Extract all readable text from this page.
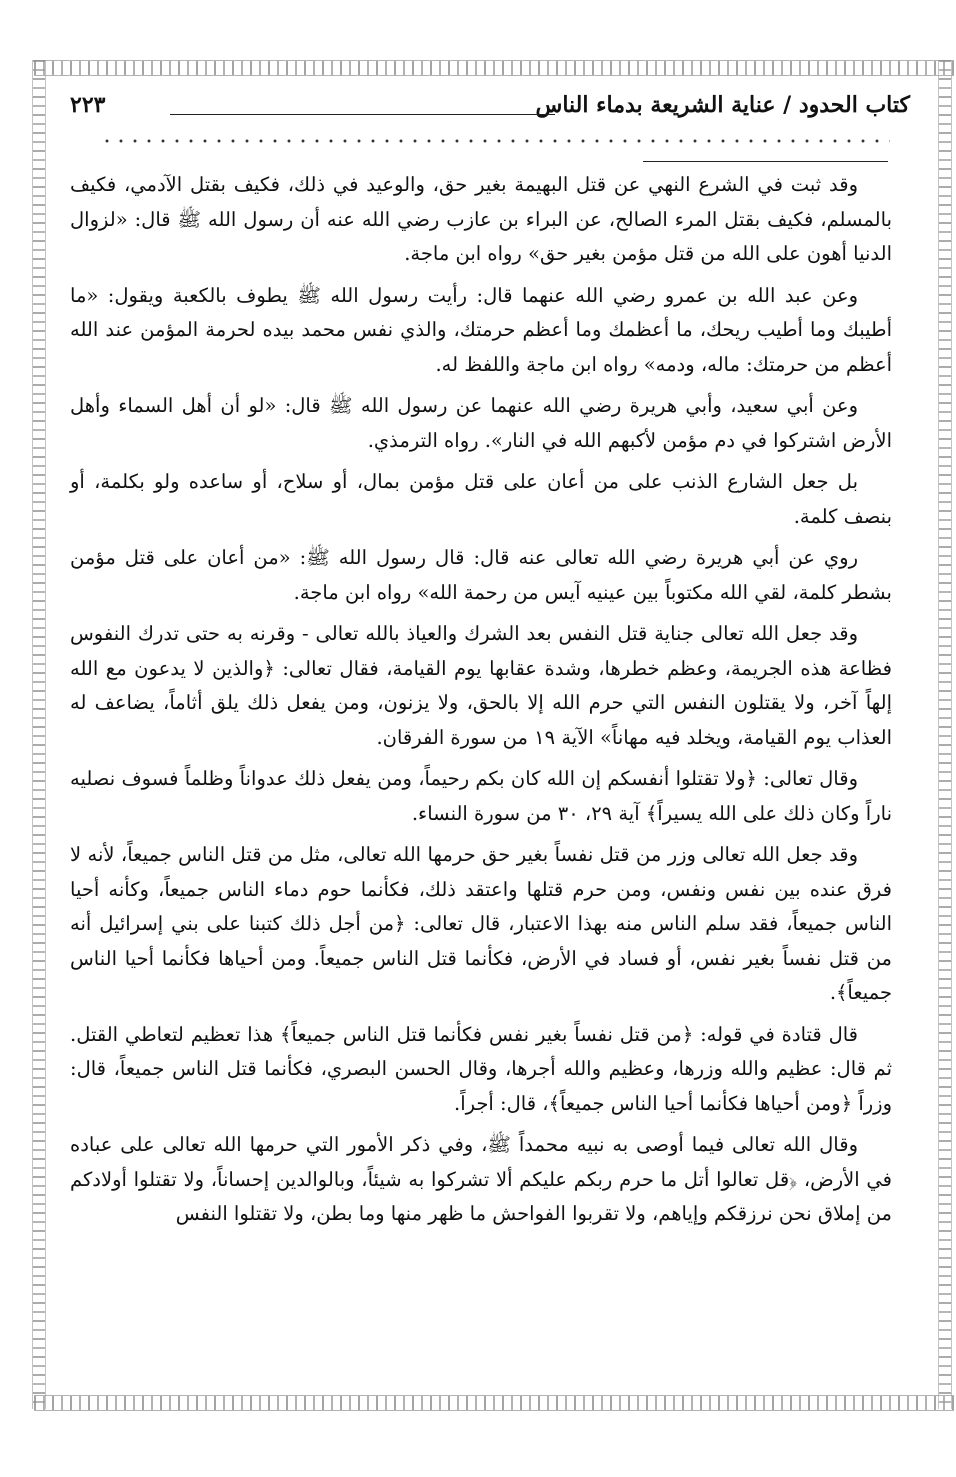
كتاب الحدود / عناية الشريعة بدماء الناس
٢٢٣

وقد ثبت في الشرع النهي عن قتل البهيمة بغير حق، والوعيد في ذلك، فكيف بقتل الآدمي، فكيف بالمسلم، فكيف بقتل المرء الصالح، عن البراء بن عازب رضي الله عنه أن رسول الله ﷺ قال: «لزوال الدنيا أهون على الله من قتل مؤمن بغير حق» رواه ابن ماجة.

وعن عبد الله بن عمرو رضي الله عنهما قال: رأيت رسول الله ﷺ يطوف بالكعبة ويقول: «ما أطيبك وما أطيب ريحك، ما أعظمك وما أعظم حرمتك، والذي نفس محمد بيده لحرمة المؤمن عند الله أعظم من حرمتك: ماله، ودمه» رواه ابن ماجة واللفظ له.

وعن أبي سعيد، وأبي هريرة رضي الله عنهما عن رسول الله ﷺ قال: «لو أن أهل السماء وأهل الأرض اشتركوا في دم مؤمن لأكبهم الله في النار». رواه الترمذي.

بل جعل الشارع الذنب على من أعان على قتل مؤمن بمال، أو سلاح، أو ساعده ولو بكلمة، أو بنصف كلمة.

روي عن أبي هريرة رضي الله تعالى عنه قال: قال رسول الله ﷺ: «من أعان على قتل مؤمن بشطر كلمة، لقي الله مكتوباً بين عينيه آيس من رحمة الله» رواه ابن ماجة.

وقد جعل الله تعالى جناية قتل النفس بعد الشرك والعياذ بالله تعالى - وقرنه به حتى تدرك النفوس فظاعة هذه الجريمة، وعظم خطرها، وشدة عقابها يوم القيامة، فقال تعالى: ﴿والذين لا يدعون مع الله إلهاً آخر، ولا يقتلون النفس التي حرم الله إلا بالحق، ولا يزنون، ومن يفعل ذلك يلق أثاماً، يضاعف له العذاب يوم القيامة، ويخلد فيه مهاناً» الآية ١٩ من سورة الفرقان.

وقال تعالى: ﴿ولا تقتلوا أنفسكم إن الله كان بكم رحيماً، ومن يفعل ذلك عدواناً وظلماً فسوف نصليه ناراً وكان ذلك على الله يسيراً﴾ آية ٢٩، ٣٠ من سورة النساء.

وقد جعل الله تعالى وزر من قتل نفساً بغير حق حرمها الله تعالى، مثل من قتل الناس جميعاً، لأنه لا فرق عنده بين نفس ونفس، ومن حرم قتلها واعتقد ذلك، فكأنما حوم دماء الناس جميعاً، وكأنه أحيا الناس جميعاً، فقد سلم الناس منه بهذا الاعتبار، قال تعالى: ﴿من أجل ذلك كتبنا على بني إسرائيل أنه من قتل نفساً بغير نفس، أو فساد في الأرض، فكأنما قتل الناس جميعاً. ومن أحياها فكأنما أحيا الناس جميعاً﴾.

قال قتادة في قوله: ﴿من قتل نفساً بغير نفس فكأنما قتل الناس جميعاً﴾ هذا تعظيم لتعاطي القتل. ثم قال: عظيم والله وزرها، وعظيم والله أجرها، وقال الحسن البصري، فكأنما قتل الناس جميعاً، قال: وزراً ﴿ومن أحياها فكأنما أحيا الناس جميعاً﴾، قال: أجراً.

وقال الله تعالى فيما أوصى به نبيه محمداً ﷺ، وفي ذكر الأمور التي حرمها الله تعالى على عباده في الأرض، ﴿قل تعالوا أتل ما حرم ربكم عليكم ألا تشركوا به شيئاً، وبالوالدين إحساناً، ولا تقتلوا أولادكم من إملاق نحن نرزقكم وإياهم، ولا تقربوا الفواحش ما ظهر منها وما بطن، ولا تقتلوا النفس
